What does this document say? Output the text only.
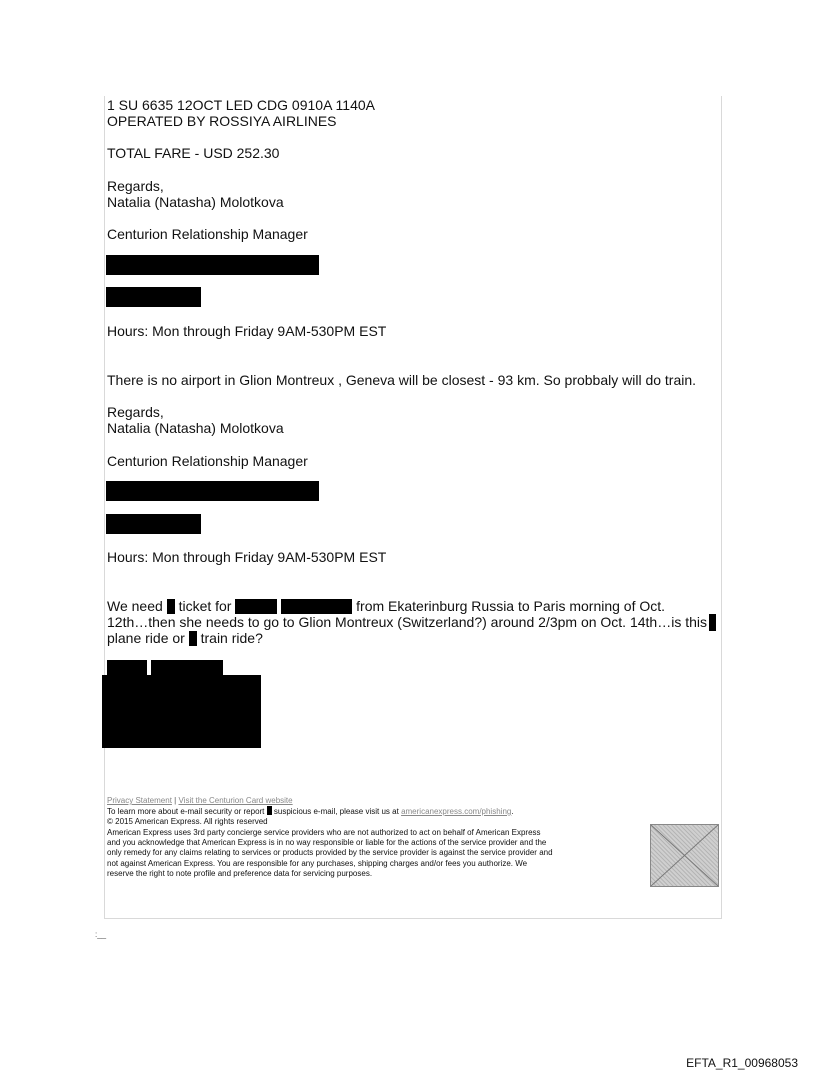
1 SU 6635 12OCT LED CDG 0910A 1140A
OPERATED BY ROSSIYA AIRLINES
TOTAL FARE - USD 252.30
Regards,
Natalia (Natasha) Molotkova
Centurion Relationship Manager
Hours: Mon through Friday 9AM-530PM EST
There is no airport in Glion Montreux , Geneva will be closest - 93 km. So probbaly will do train.
Regards,
Natalia (Natasha) Molotkova
Centurion Relationship Manager
Hours: Mon through Friday 9AM-530PM EST
We need ticket for	from Ekaterinburg Russia to Paris morning of Oct.
12th…then she needs to go to Glion Montreux (Switzerland?) around 2/3pm on Oct. 14th…is this
plane ride or train ride?
Privacy Statement | Visit the Centurion Card website
To learn more about e-mail security or report suspicious e-mail, please visit us at americanexpress.com/phishing.
© 2015 American Express. All rights reserved
American Express uses 3rd party concierge service providers who are not authorized to act on behalf of American Express
and you acknowledge that American Express is in no way responsible or liable for the actions of the service provider and the
only remedy for any claims relating to services or products provided by the service provider is against the service provider and
not against American Express. You are responsible for any purchases, shipping charges and/or fees you authorize. We
reserve the right to note profile and preference data for servicing purposes.
:__
EFTA_R1_00968053
